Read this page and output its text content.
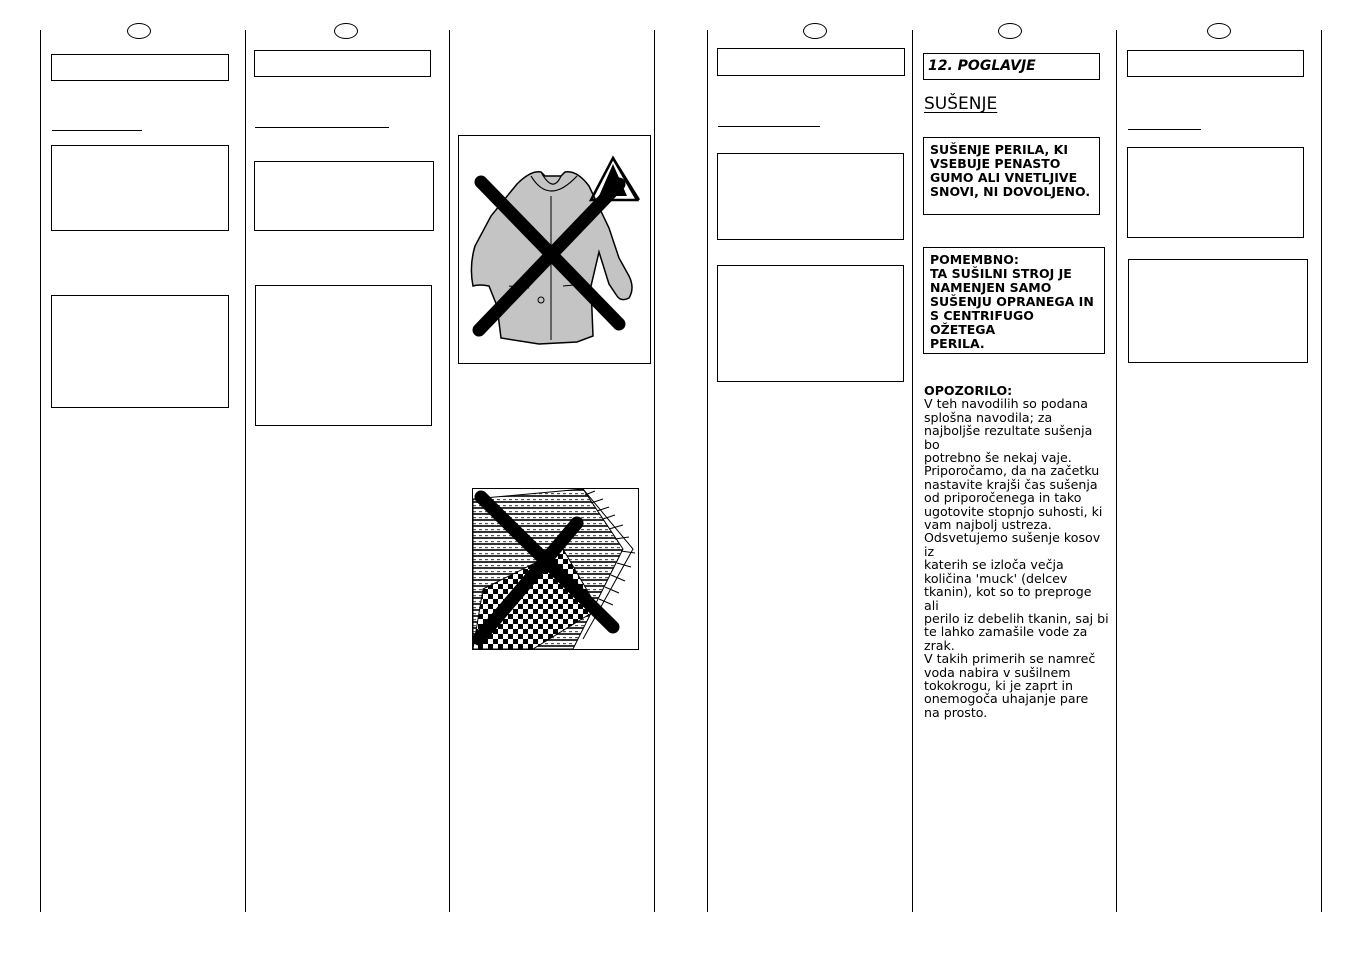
12. POGLAVJE
SUŠENJE
SUŠENJE PERILA, KI
VSEBUJE PENASTO
GUMO ALI VNETLJIVE
SNOVI, NI DOVOLJENO.
POMEMBNO:
TA SUŠILNI STROJ JE
NAMENJEN SAMO
SUŠENJU OPRANEGA IN
S CENTRIFUGO OŽETEGA
PERILA.
OPOZORILO:
V teh navodilih so podana
splošna navodila; za
najboljše rezultate sušenja bo
potrebno še nekaj vaje.
Priporočamo, da na začetku
nastavite krajši čas sušenja
od priporočenega in tako
ugotovite stopnjo suhosti, ki
vam najbolj ustreza.
Odsvetujemo sušenje kosov iz
katerih se izloča večja
količina 'muck' (delcev
tkanin), kot so to preproge ali
perilo iz debelih tkanin, saj bi
te lahko zamašile vode za
zrak.
V takih primerih se namreč
voda nabira v sušilnem
tokokrogu, ki je zaprt in
onemogoča uhajanje pare
na prosto.
